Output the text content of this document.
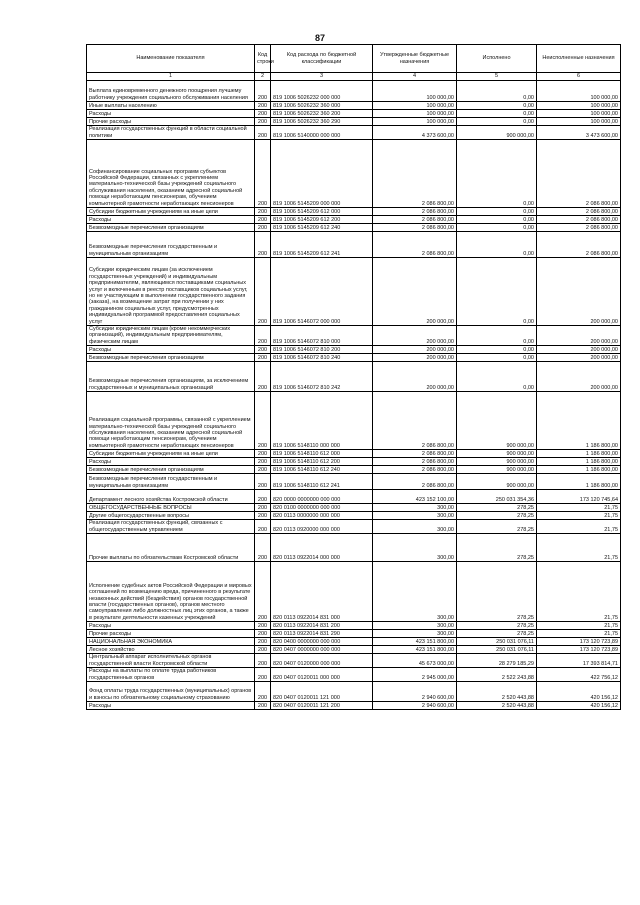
87
Наименование показателя	Код строки	Код расхода по бюджетной классификации	Утвержденные бюджетные назначения	Исполнено	Неисполненные назначения
1	2	3	4	5	6
Выплата единовременного денежного поощрения лучшему работнику учреждения социального обслуживания населения	200	819 1006 5026232 000 000	100 000,00	0,00	100 000,00
Иные выплаты населению	200	819 1006 5026232 360 000	100 000,00	0,00	100 000,00
Расходы	200	819 1006 5026232 360 200	100 000,00	0,00	100 000,00
Прочие расходы	200	819 1006 5026232 360 290	100 000,00	0,00	100 000,00
Реализация государственных функций в области социальной политики	200	819 1006 5140000 000 000	4 373 600,00	900 000,00	3 473 600,00
Софинансирование социальных программ субъектов Российской Федерации, связанных с укреплением материально-технической базы учреждений социального обслуживания населения, оказанием адресной социальной помощи неработающим пенсионерам, обучением компьютерной грамотности неработающих пенсионеров	200	819 1006 5145209 000 000	2 086 800,00	0,00	2 086 800,00
Субсидии бюджетным учреждениям на иные цели	200	819 1006 5145209 612 000	2 086 800,00	0,00	2 086 800,00
Расходы	200	819 1006 5145209 612 200	2 086 800,00	0,00	2 086 800,00
Безвозмездные перечисления организациям	200	819 1006 5145209 612 240	2 086 800,00	0,00	2 086 800,00
Безвозмездные перечисления государственным и муниципальным организациям	200	819 1006 5145209 612 241	2 086 800,00	0,00	2 086 800,00
Субсидии юридическим лицам (за исключением государственных учреждений) и индивидуальным предпринимателям, являющимся поставщиками социальных услуг и включенным в реестр поставщиков социальных услуг, но не участвующим в выполнении государственного задания (заказа), на возмещение затрат при получении у них гражданином социальных услуг, предусмотренных индивидуальной программой предоставления социальных услуг	200	819 1006 5146072 000 000	200 000,00	0,00	200 000,00
Субсидии юридическим лицам (кроме некоммерческих организаций), индивидуальным предпринимателям, физическим лицам	200	819 1006 5146072 810 000	200 000,00	0,00	200 000,00
Расходы	200	819 1006 5146072 810 200	200 000,00	0,00	200 000,00
Безвозмездные перечисления организациям	200	819 1006 5146072 810 240	200 000,00	0,00	200 000,00
Безвозмездные перечисления организациям, за исключением государственных и муниципальных организаций	200	819 1006 5146072 810 242	200 000,00	0,00	200 000,00
Реализация социальной программы, связанной с укреплением материально-технической базы учреждений социального обслуживания населения, оказанием адресной социальной помощи неработающим пенсионерам, обучением компьютерной грамотности неработающих пенсионеров	200	819 1006 5148110 000 000	2 086 800,00	900 000,00	1 186 800,00
Субсидии бюджетным учреждениям на иные цели	200	819 1006 5148110 612 000	2 086 800,00	900 000,00	1 186 800,00
Расходы	200	819 1006 5148110 612 200	2 086 800,00	900 000,00	1 186 800,00
Безвозмездные перечисления организациям	200	819 1006 5148110 612 240	2 086 800,00	900 000,00	1 186 800,00
Безвозмездные перечисления государственным и муниципальным организациям	200	819 1006 5148110 612 241	2 086 800,00	900 000,00	1 186 800,00
Департамент лесного хозяйства Костромской области	200	820 0000 0000000 000 000	423 152 100,00	250 031 354,36	173 120 745,64
ОБЩЕГОСУДАРСТВЕННЫЕ ВОПРОСЫ	200	820 0100 0000000 000 000	300,00	278,25	21,75
Другие общегосударственные вопросы	200	820 0113 0000000 000 000	300,00	278,25	21,75
Реализация государственных функций, связанных с общегосударственным управлением	200	820 0113 0920000 000 000	300,00	278,25	21,75
Прочие выплаты по обязательствам Костромской области	200	820 0113 0922014 000 000	300,00	278,25	21,75
Исполнение судебных актов Российской Федерации и мировых соглашений по возмещению вреда, причиненного в результате незаконных действий (бездействия) органов государственной власти (государственных органов), органов местного самоуправления либо должностных лиц этих органов, а также в результате деятельности казенных учреждений	200	820 0113 0922014 831 000	300,00	278,25	21,75
Расходы	200	820 0113 0922014 831 200	300,00	278,25	21,75
Прочие расходы	200	820 0113 0922014 831 290	300,00	278,25	21,75
НАЦИОНАЛЬНАЯ ЭКОНОМИКА	200	820 0400 0000000 000 000	423 151 800,00	250 031 076,11	173 120 723,89
Лесное хозяйство	200	820 0407 0000000 000 000	423 151 800,00	250 031 076,11	173 120 723,89
Центральный аппарат исполнительных органов государственной власти Костромской области	200	820 0407 0120000 000 000	45 673 000,00	28 279 185,29	17 393 814,71
Расходы на выплаты по оплате труда работников государственных органов	200	820 0407 0120011 000 000	2 945 000,00	2 522 243,88	422 756,12
Фонд оплаты труда государственных (муниципальных) органов и взносы по обязательному социальному страхованию	200	820 0407 0120011 121 000	2 940 600,00	2 520 443,88	420 156,12
Расходы	200	820 0407 0120011 121 200	2 940 600,00	2 520 443,88	420 156,12
